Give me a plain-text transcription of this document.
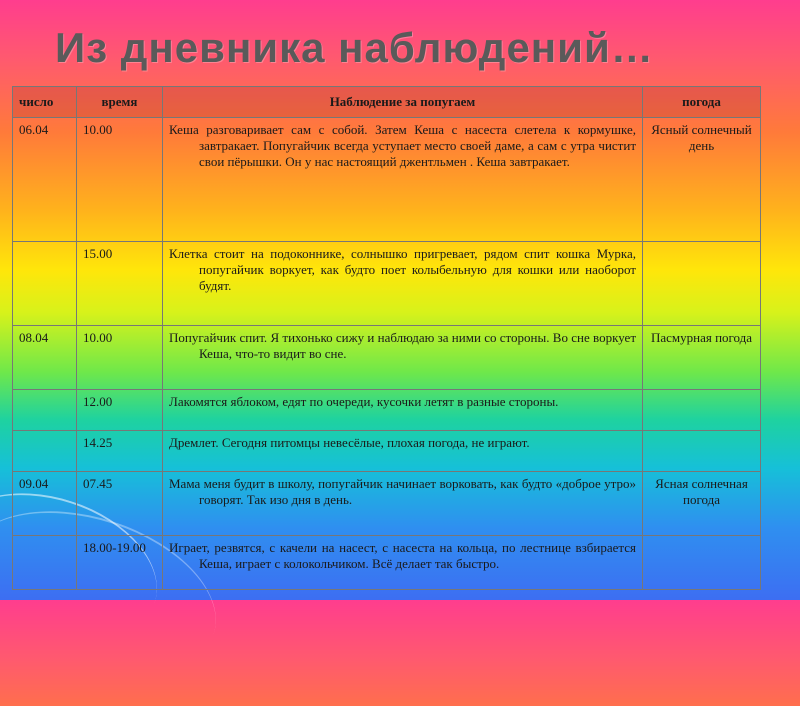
Из дневника наблюдений…
число	время	Наблюдение за попугаем	погода
06.04	10.00	Кеша разговаривает сам с собой. Затем Кеша с насеста слетела к кормушке, завтракает. Попугайчик всегда уступает место своей даме, а сам с утра чистит свои пёрышки. Он у нас настоящий джентльмен . Кеша завтракает.	Ясный солнечный день
	15.00	Клетка стоит на подоконнике, солнышко пригревает, рядом спит кошка Мурка, попугайчик воркует, как будто поет колыбельную для кошки или наоборот будят.	

08.04	10.00	Попугайчик спит. Я тихонько сижу и наблюдаю за ними со стороны. Во сне воркует Кеша, что-то видит во сне.	Пасмурная погода
	12.00	Лакомятся яблоком, едят по очереди, кусочки летят в разные стороны.	

	14.25	Дремлет. Сегодня питомцы невесёлые, плохая погода, не играют.	

09.04	07.45	Мама меня будит в школу, попугайчик начинает ворковать, как будто «доброе утро» говорят. Так изо дня в день.	Ясная солнечная погода
	18.00-19.00	Играет, резвятся, с качели на насест, с насеста на кольца, по лестнице взбирается Кеша, играет с колокольчиком. Всё делает так быстро.	
